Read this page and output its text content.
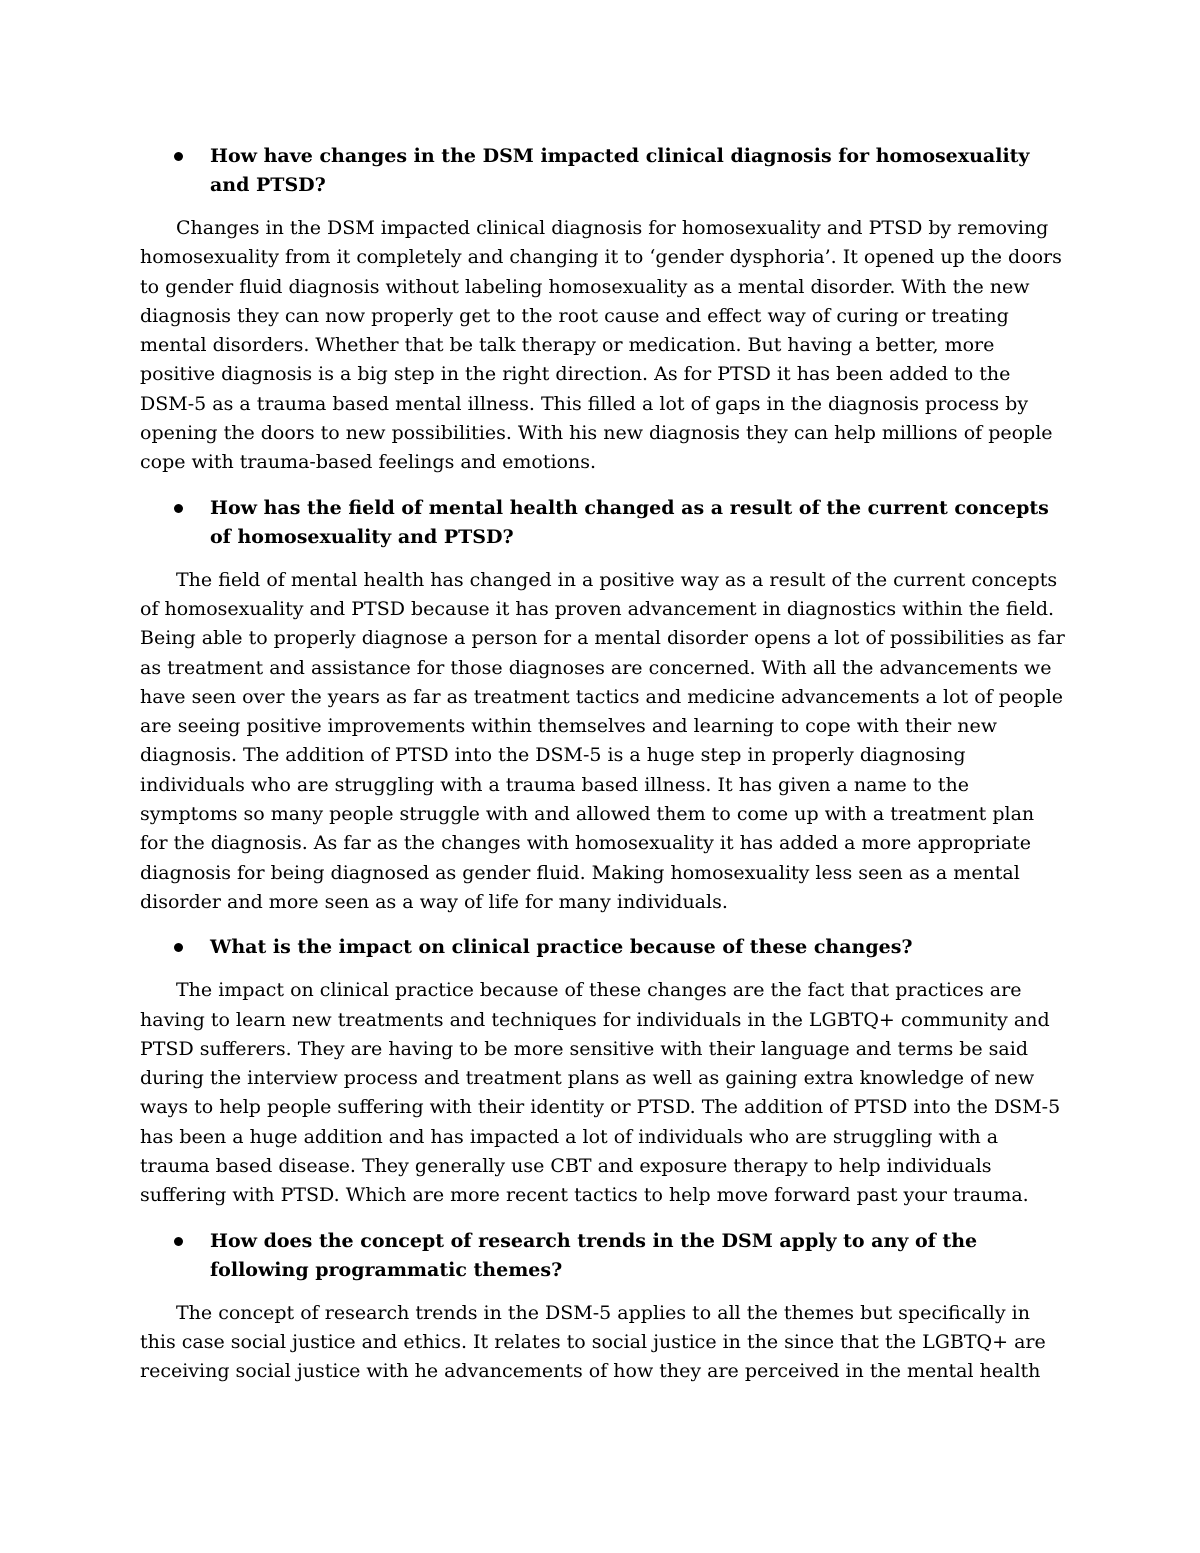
How have changes in the DSM impacted clinical diagnosis for homosexuality and PTSD?

Changes in the DSM impacted clinical diagnosis for homosexuality and PTSD by removing homosexuality from it completely and changing it to ‘gender dysphoria’. It opened up the doors to gender fluid diagnosis without labeling homosexuality as a mental disorder. With the new diagnosis they can now properly get to the root cause and effect way of curing or treating mental disorders. Whether that be talk therapy or medication. But having a better, more positive diagnosis is a big step in the right direction. As for PTSD it has been added to the DSM-5 as a trauma based mental illness. This filled a lot of gaps in the diagnosis process by opening the doors to new possibilities. With his new diagnosis they can help millions of people cope with trauma-based feelings and emotions.

How has the field of mental health changed as a result of the current concepts of homosexuality and PTSD?

The field of mental health has changed in a positive way as a result of the current concepts of homosexuality and PTSD because it has proven advancement in diagnostics within the field. Being able to properly diagnose a person for a mental disorder opens a lot of possibilities as far as treatment and assistance for those diagnoses are concerned. With all the advancements we have seen over the years as far as treatment tactics and medicine advancements a lot of people are seeing positive improvements within themselves and learning to cope with their new diagnosis. The addition of PTSD into the DSM-5 is a huge step in properly diagnosing individuals who are struggling with a trauma based illness. It has given a name to the symptoms so many people struggle with and allowed them to come up with a treatment plan for the diagnosis. As far as the changes with homosexuality it has added a more appropriate diagnosis for being diagnosed as gender fluid. Making homosexuality less seen as a mental disorder and more seen as a way of life for many individuals.

What is the impact on clinical practice because of these changes?

The impact on clinical practice because of these changes are the fact that practices are having to learn new treatments and techniques for individuals in the LGBTQ+ community and PTSD sufferers. They are having to be more sensitive with their language and terms be said during the interview process and treatment plans as well as gaining extra knowledge of new ways to help people suffering with their identity or PTSD. The addition of PTSD into the DSM-5 has been a huge addition and has impacted a lot of individuals who are struggling with a trauma based disease. They generally use CBT and exposure therapy to help individuals suffering with PTSD. Which are more recent tactics to help move forward past your trauma.

How does the concept of research trends in the DSM apply to any of the following programmatic themes?

The concept of research trends in the DSM-5 applies to all the themes but specifically in this case social justice and ethics. It relates to social justice in the since that the LGBTQ+ are receiving social justice with he advancements of how they are perceived in the mental health
